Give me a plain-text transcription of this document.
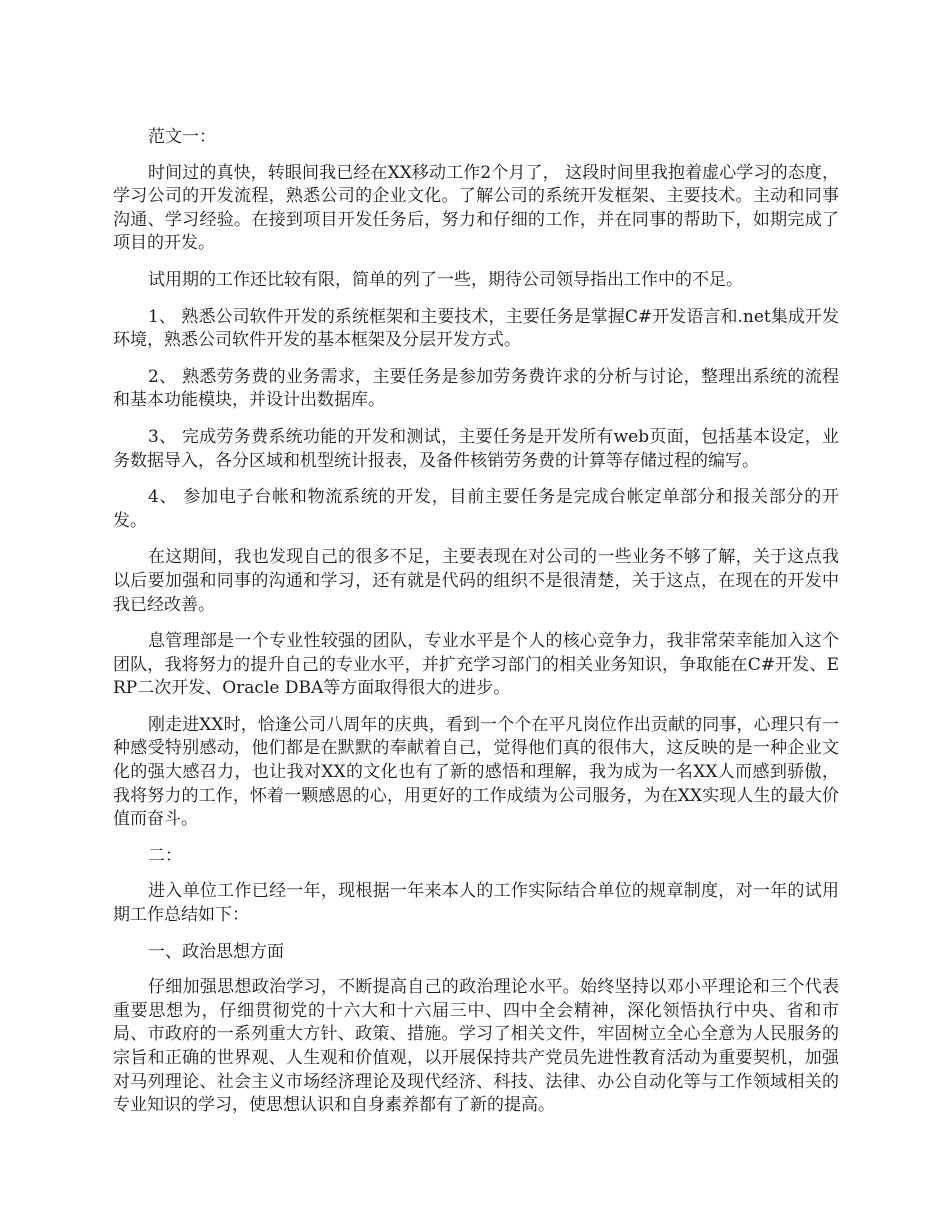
范文一：

时间过的真快，转眼间我已经在XX移动工作2个月了， 这段时间里我抱着虚心学习的态度，学习公司的开发流程，熟悉公司的企业文化。了解公司的系统开发框架、主要技术。主动和同事沟通、学习经验。在接到项目开发任务后，努力和仔细的工作，并在同事的帮助下，如期完成了项目的开发。

试用期的工作还比较有限，简单的列了一些，期待公司领导指出工作中的不足。

1、 熟悉公司软件开发的系统框架和主要技术，主要任务是掌握C#开发语言和.net集成开发环境，熟悉公司软件开发的基本框架及分层开发方式。

2、 熟悉劳务费的业务需求，主要任务是参加劳务费许求的分析与讨论，整理出系统的流程和基本功能模块，并设计出数据库。

3、 完成劳务费系统功能的开发和测试，主要任务是开发所有web页面，包括基本设定，业务数据导入，各分区域和机型统计报表，及备件核销劳务费的计算等存储过程的编写。

4、 参加电子台帐和物流系统的开发，目前主要任务是完成台帐定单部分和报关部分的开发。

在这期间，我也发现自己的很多不足，主要表现在对公司的一些业务不够了解，关于这点我以后要加强和同事的沟通和学习，还有就是代码的组织不是很清楚，关于这点，在现在的开发中我已经改善。

息管理部是一个专业性较强的团队，专业水平是个人的核心竞争力，我非常荣幸能加入这个团队，我将努力的提升自己的专业水平，并扩充学习部门的相关业务知识，争取能在C#开发、ERP二次开发、Oracle DBA等方面取得很大的进步。

刚走进XX时，恰逢公司八周年的庆典，看到一个个在平凡岗位作出贡献的同事，心理只有一种感受特别感动，他们都是在默默的奉献着自己，觉得他们真的很伟大，这反映的是一种企业文化的强大感召力，也让我对XX的文化也有了新的感悟和理解，我为成为一名XX人而感到骄傲，我将努力的工作，怀着一颗感恩的心，用更好的工作成绩为公司服务，为在XX实现人生的最大价值而奋斗。

二：

进入单位工作已经一年，现根据一年来本人的工作实际结合单位的规章制度，对一年的试用期工作总结如下：

一、政治思想方面

仔细加强思想政治学习，不断提高自己的政治理论水平。始终坚持以邓小平理论和三个代表重要思想为，仔细贯彻党的十六大和十六届三中、四中全会精神，深化领悟执行中央、省和市局、市政府的一系列重大方针、政策、措施。学习了相关文件，牢固树立全心全意为人民服务的宗旨和正确的世界观、人生观和价值观，以开展保持共产党员先进性教育活动为重要契机，加强对马列理论、社会主义市场经济理论及现代经济、科技、法律、办公自动化等与工作领域相关的专业知识的学习，使思想认识和自身素养都有了新的提高。
